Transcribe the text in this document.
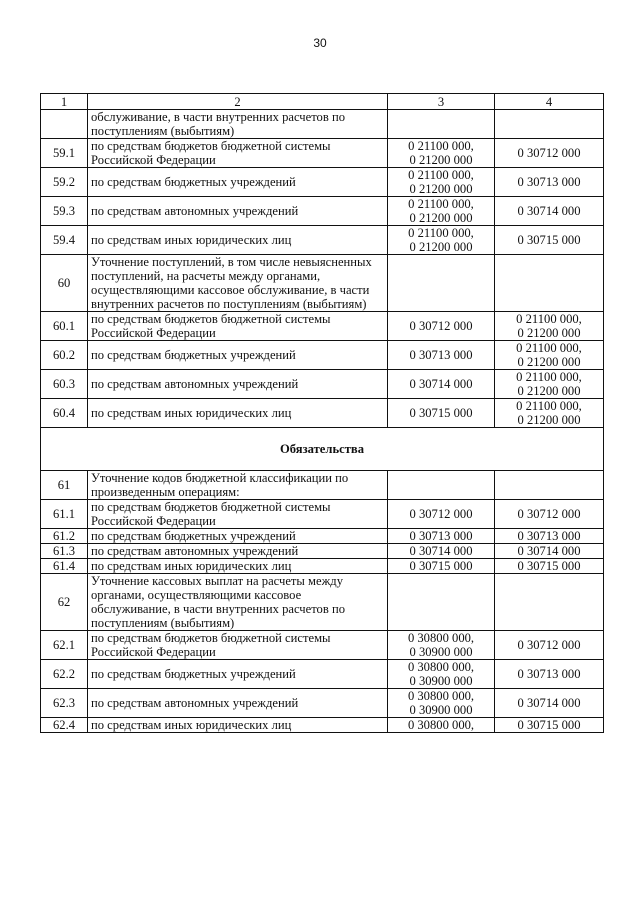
30
1	2	3	4
	обслуживание, в части внутренних расчетов по поступлениям (выбытиям)		
59.1	по средствам бюджетов бюджетной системы Российской Федерации	0 21100 000,
0 21200 000	0 30712 000

59.2	по средствам бюджетных учреждений	0 21100 000,
0 21200 000	0 30713 000

59.3	по средствам автономных учреждений	0 21100 000,
0 21200 000	0 30714 000

59.4	по средствам иных юридических лиц	0 21100 000,
0 21200 000	0 30715 000

60	Уточнение поступлений, в том числе невыясненных поступлений, на расчеты между органами, осуществляющими кассовое обслуживание, в части внутренних расчетов по поступлениям (выбытиям)		
60.1	по средствам бюджетов бюджетной системы Российской Федерации	0 30712 000	0 21100 000,
0 21200 000

60.2	по средствам бюджетных учреждений	0 30713 000	0 21100 000,
0 21200 000

60.3	по средствам автономных учреждений	0 30714 000	0 21100 000,
0 21200 000

60.4	по средствам иных юридических лиц	0 30715 000	0 21100 000,
0 21200 000

Обязательства			
61	Уточнение кодов бюджетной классификации по произведенным операциям:		
61.1	по средствам бюджетов бюджетной системы Российской Федерации	0 30712 000	0 30712 000

61.2	по средствам бюджетных учреждений	0 30713 000	0 30713 000

61.3	по средствам автономных учреждений	0 30714 000	0 30714 000

61.4	по средствам иных юридических лиц	0 30715 000	0 30715 000

62	Уточнение кассовых выплат на расчеты между органами, осуществляющими кассовое обслуживание, в части внутренних расчетов по поступлениям (выбытиям)		
62.1	по средствам бюджетов бюджетной системы Российской Федерации	0 30800 000,
0 30900 000	0 30712 000

62.2	по средствам бюджетных учреждений	0 30800 000,
0 30900 000	0 30713 000

62.3	по средствам автономных учреждений	0 30800 000,
0 30900 000	0 30714 000

62.4	по средствам иных юридических лиц	0 30800 000,	0 30715 000
